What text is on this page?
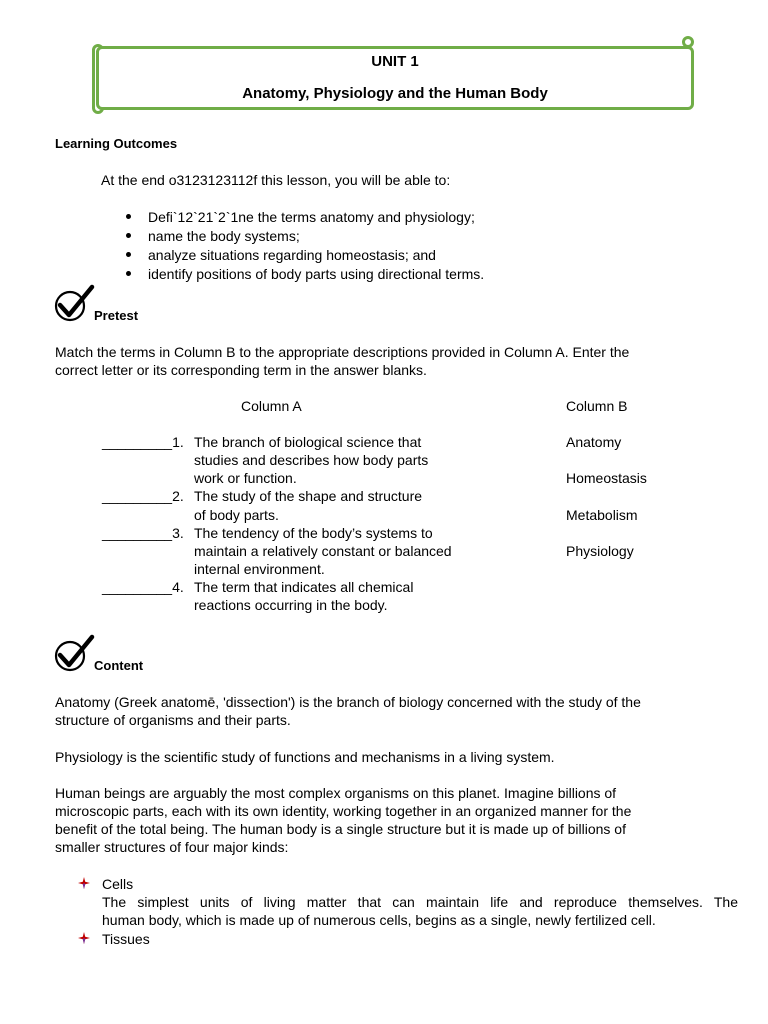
UNIT 1
Anatomy, Physiology and the Human Body
Learning Outcomes
At the end o3123123112f this lesson, you will be able to:
Defi`12`21`2`1ne the terms anatomy and physiology;
name the body systems;
analyze situations regarding homeostasis; and
identify positions of body parts using directional terms.
Pretest
Match the terms in Column B to the appropriate descriptions provided in Column A. Enter the
correct letter or its corresponding term in the answer blanks.
Column A	Column B
_________1. The branch of biological science that
studies and describes how body parts
work or function.
_________2. The study of the shape and structure
of body parts.
_________3. The tendency of the body’s systems to
maintain a relatively constant or balanced
internal environment.
_________4. The term that indicates all chemical
reactions occurring in the body.
Anatomy
Homeostasis
Metabolism
Physiology
Content
Anatomy (Greek anatomē, 'dissection') is the branch of biology concerned with the study of the
structure of organisms and their parts.
Physiology is the scientific study of functions and mechanisms in a living system.
Human beings are arguably the most complex organisms on this planet. Imagine billions of
microscopic parts, each with its own identity, working together in an organized manner for the
benefit of the total being. The human body is a single structure but it is made up of billions of
smaller structures of four major kinds:
Cells
The simplest units of living matter that can maintain life and reproduce themselves. The
human body, which is made up of numerous cells, begins as a single, newly fertilized cell.
Tissues
